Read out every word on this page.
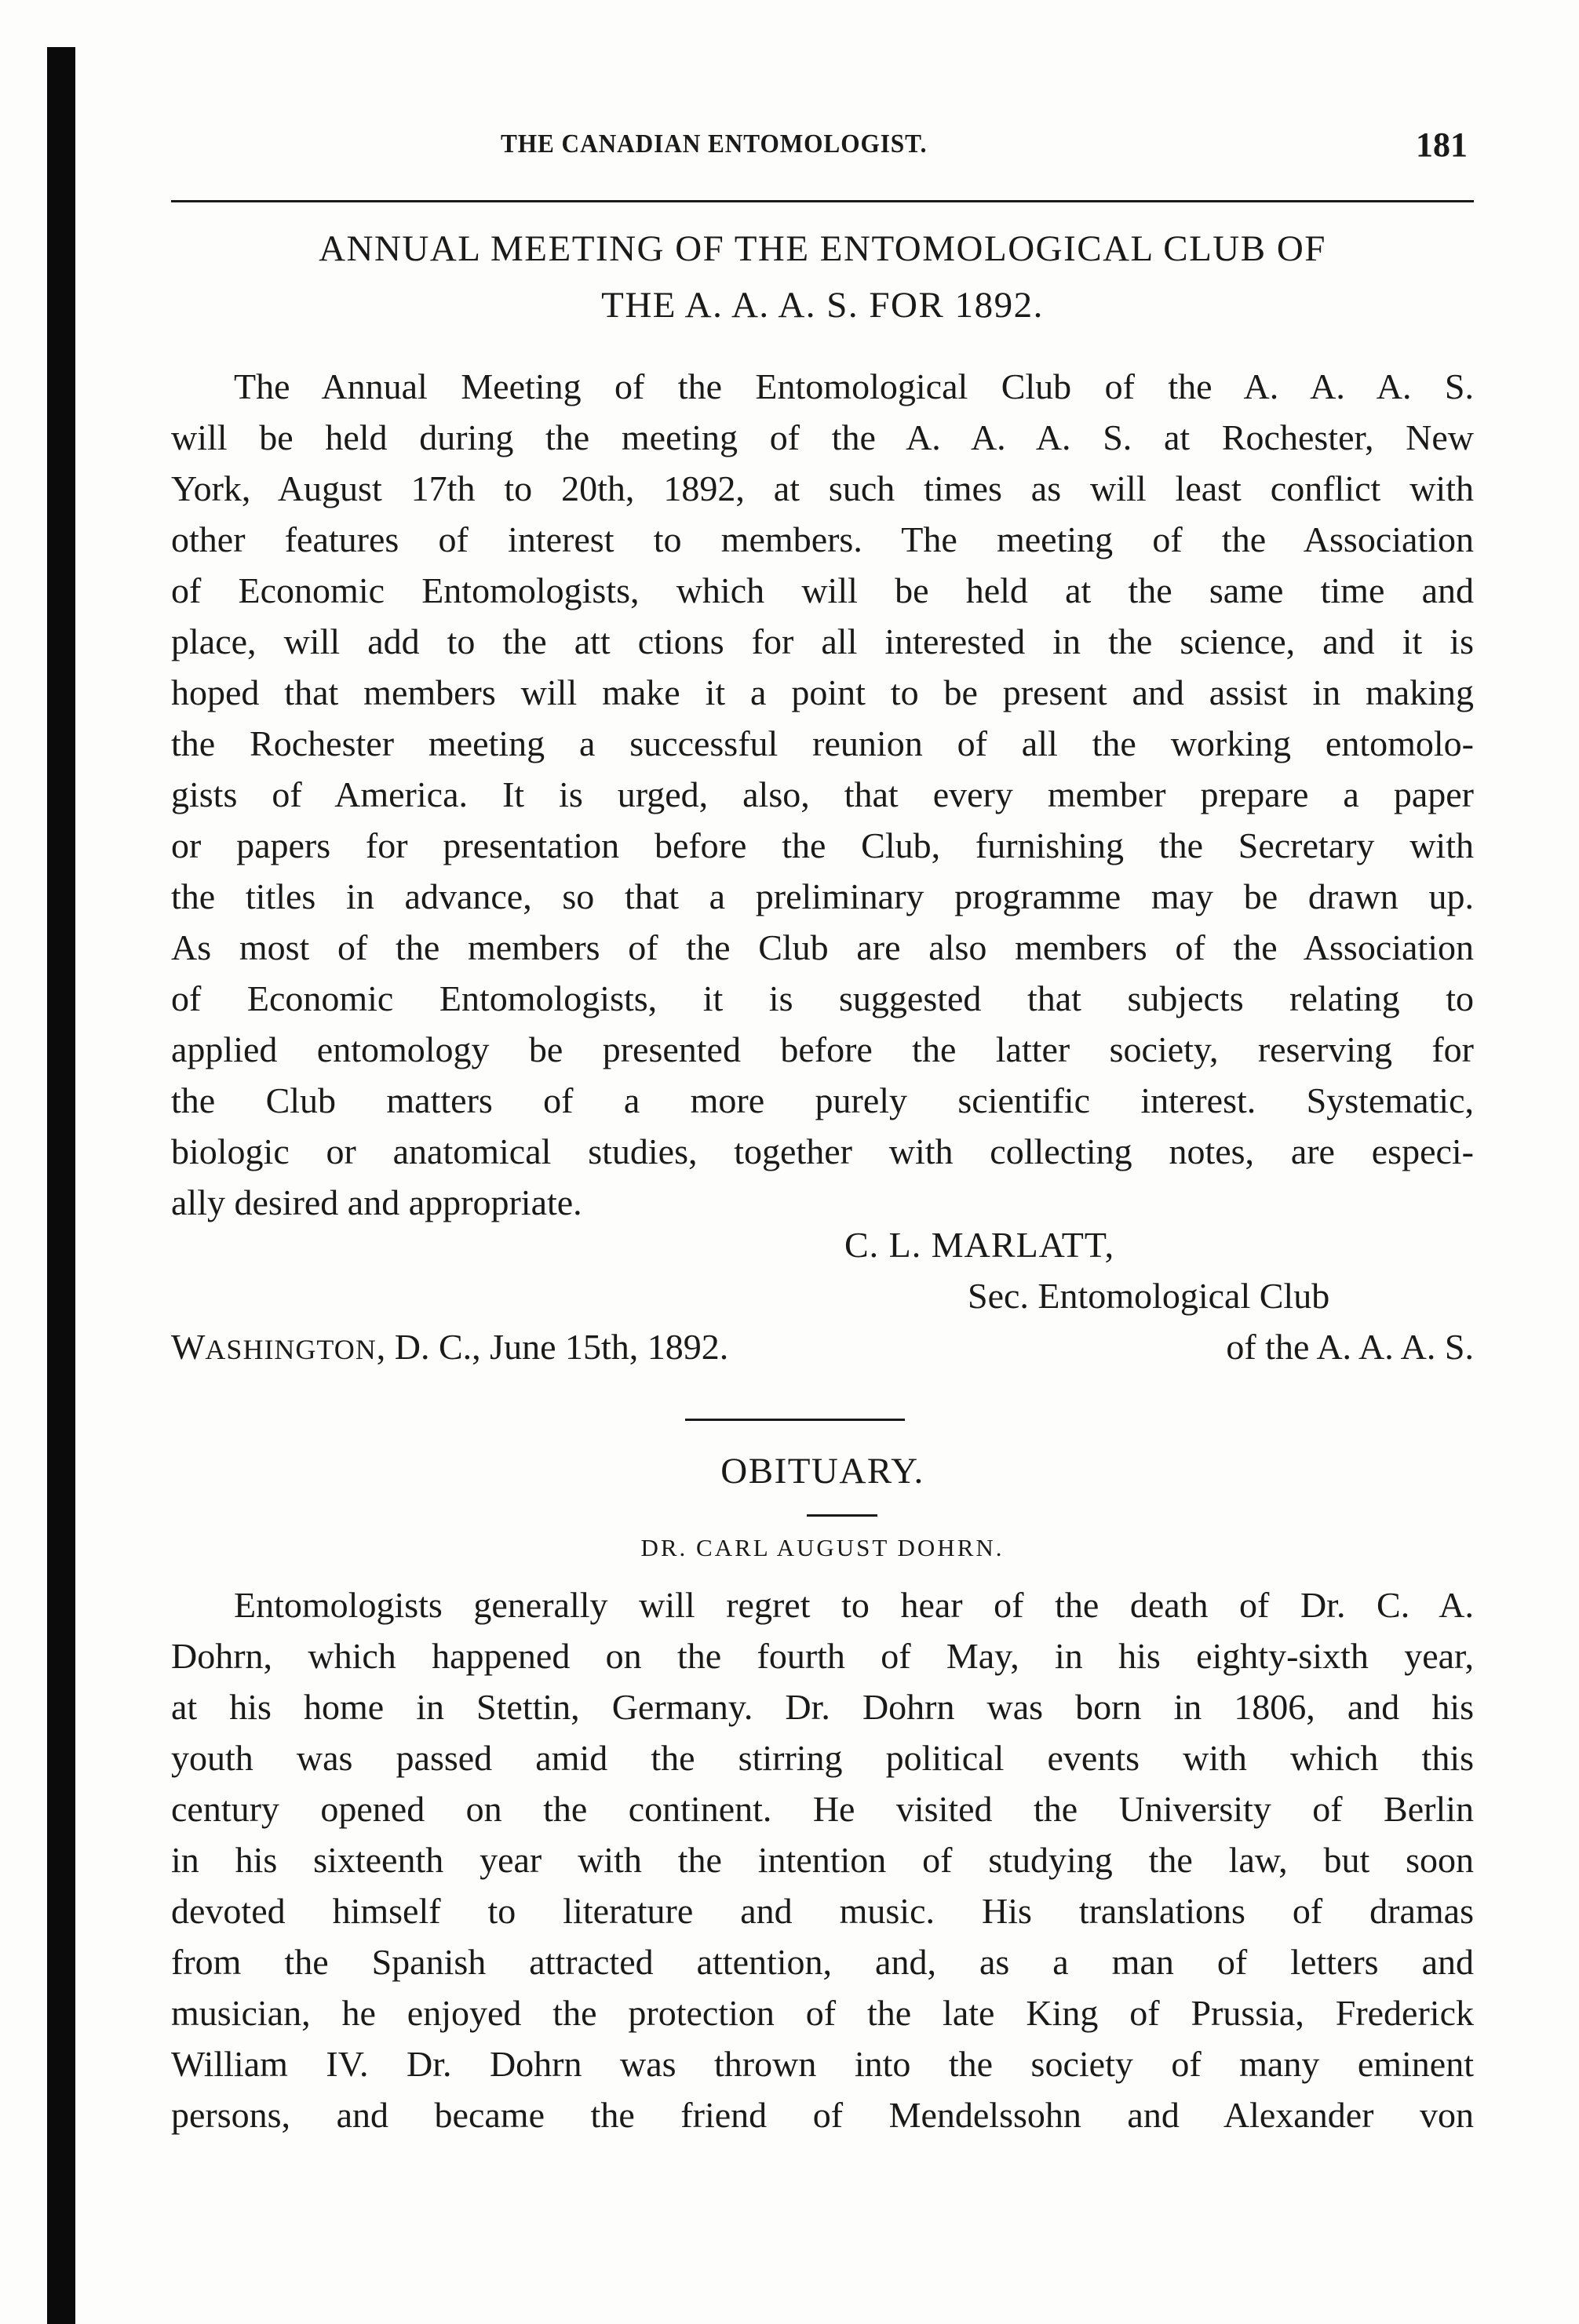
THE CANADIAN ENTOMOLOGIST.	181
ANNUAL MEETING OF THE ENTOMOLOGICAL CLUB OF
THE A. A. A. S. FOR 1892.
The Annual Meeting of the Entomological Club of the A. A. A. S.
will be held during the meeting of the A. A. A. S. at Rochester, New
York, August 17th to 20th, 1892, at such times as will least conflict with
other features of interest to members. The meeting of the Association
of Economic Entomologists, which will be held at the same time and
place, will add to the att ctions for all interested in the science, and it is
hoped that members will make it a point to be present and assist in making
the Rochester meeting a successful reunion of all the working entomolo-
gists of America. It is urged, also, that every member prepare a paper
or papers for presentation before the Club, furnishing the Secretary with
the titles in advance, so that a preliminary programme may be drawn up.
As most of the members of the Club are also members of the Association
of Economic Entomologists, it is suggested that subjects relating to
applied entomology be presented before the latter society, reserving for
the Club matters of a more purely scientific interest. Systematic,
biologic or anatomical studies, together with collecting notes, are especi-
ally desired and appropriate.
C. L. MARLATT,
Sec. Entomological Club
WASHINGTON, D. C., June 15th, 1892.	of the A. A. A. S.
OBITUARY.
DR. CARL AUGUST DOHRN.
Entomologists generally will regret to hear of the death of Dr. C. A.
Dohrn, which happened on the fourth of May, in his eighty-sixth year,
at his home in Stettin, Germany. Dr. Dohrn was born in 1806, and his
youth was passed amid the stirring political events with which this
century opened on the continent. He visited the University of Berlin
in his sixteenth year with the intention of studying the law, but soon
devoted himself to literature and music. His translations of dramas
from the Spanish attracted attention, and, as a man of letters and
musician, he enjoyed the protection of the late King of Prussia, Frederick
William IV. Dr. Dohrn was thrown into the society of many eminent
persons, and became the friend of Mendelssohn and Alexander von
